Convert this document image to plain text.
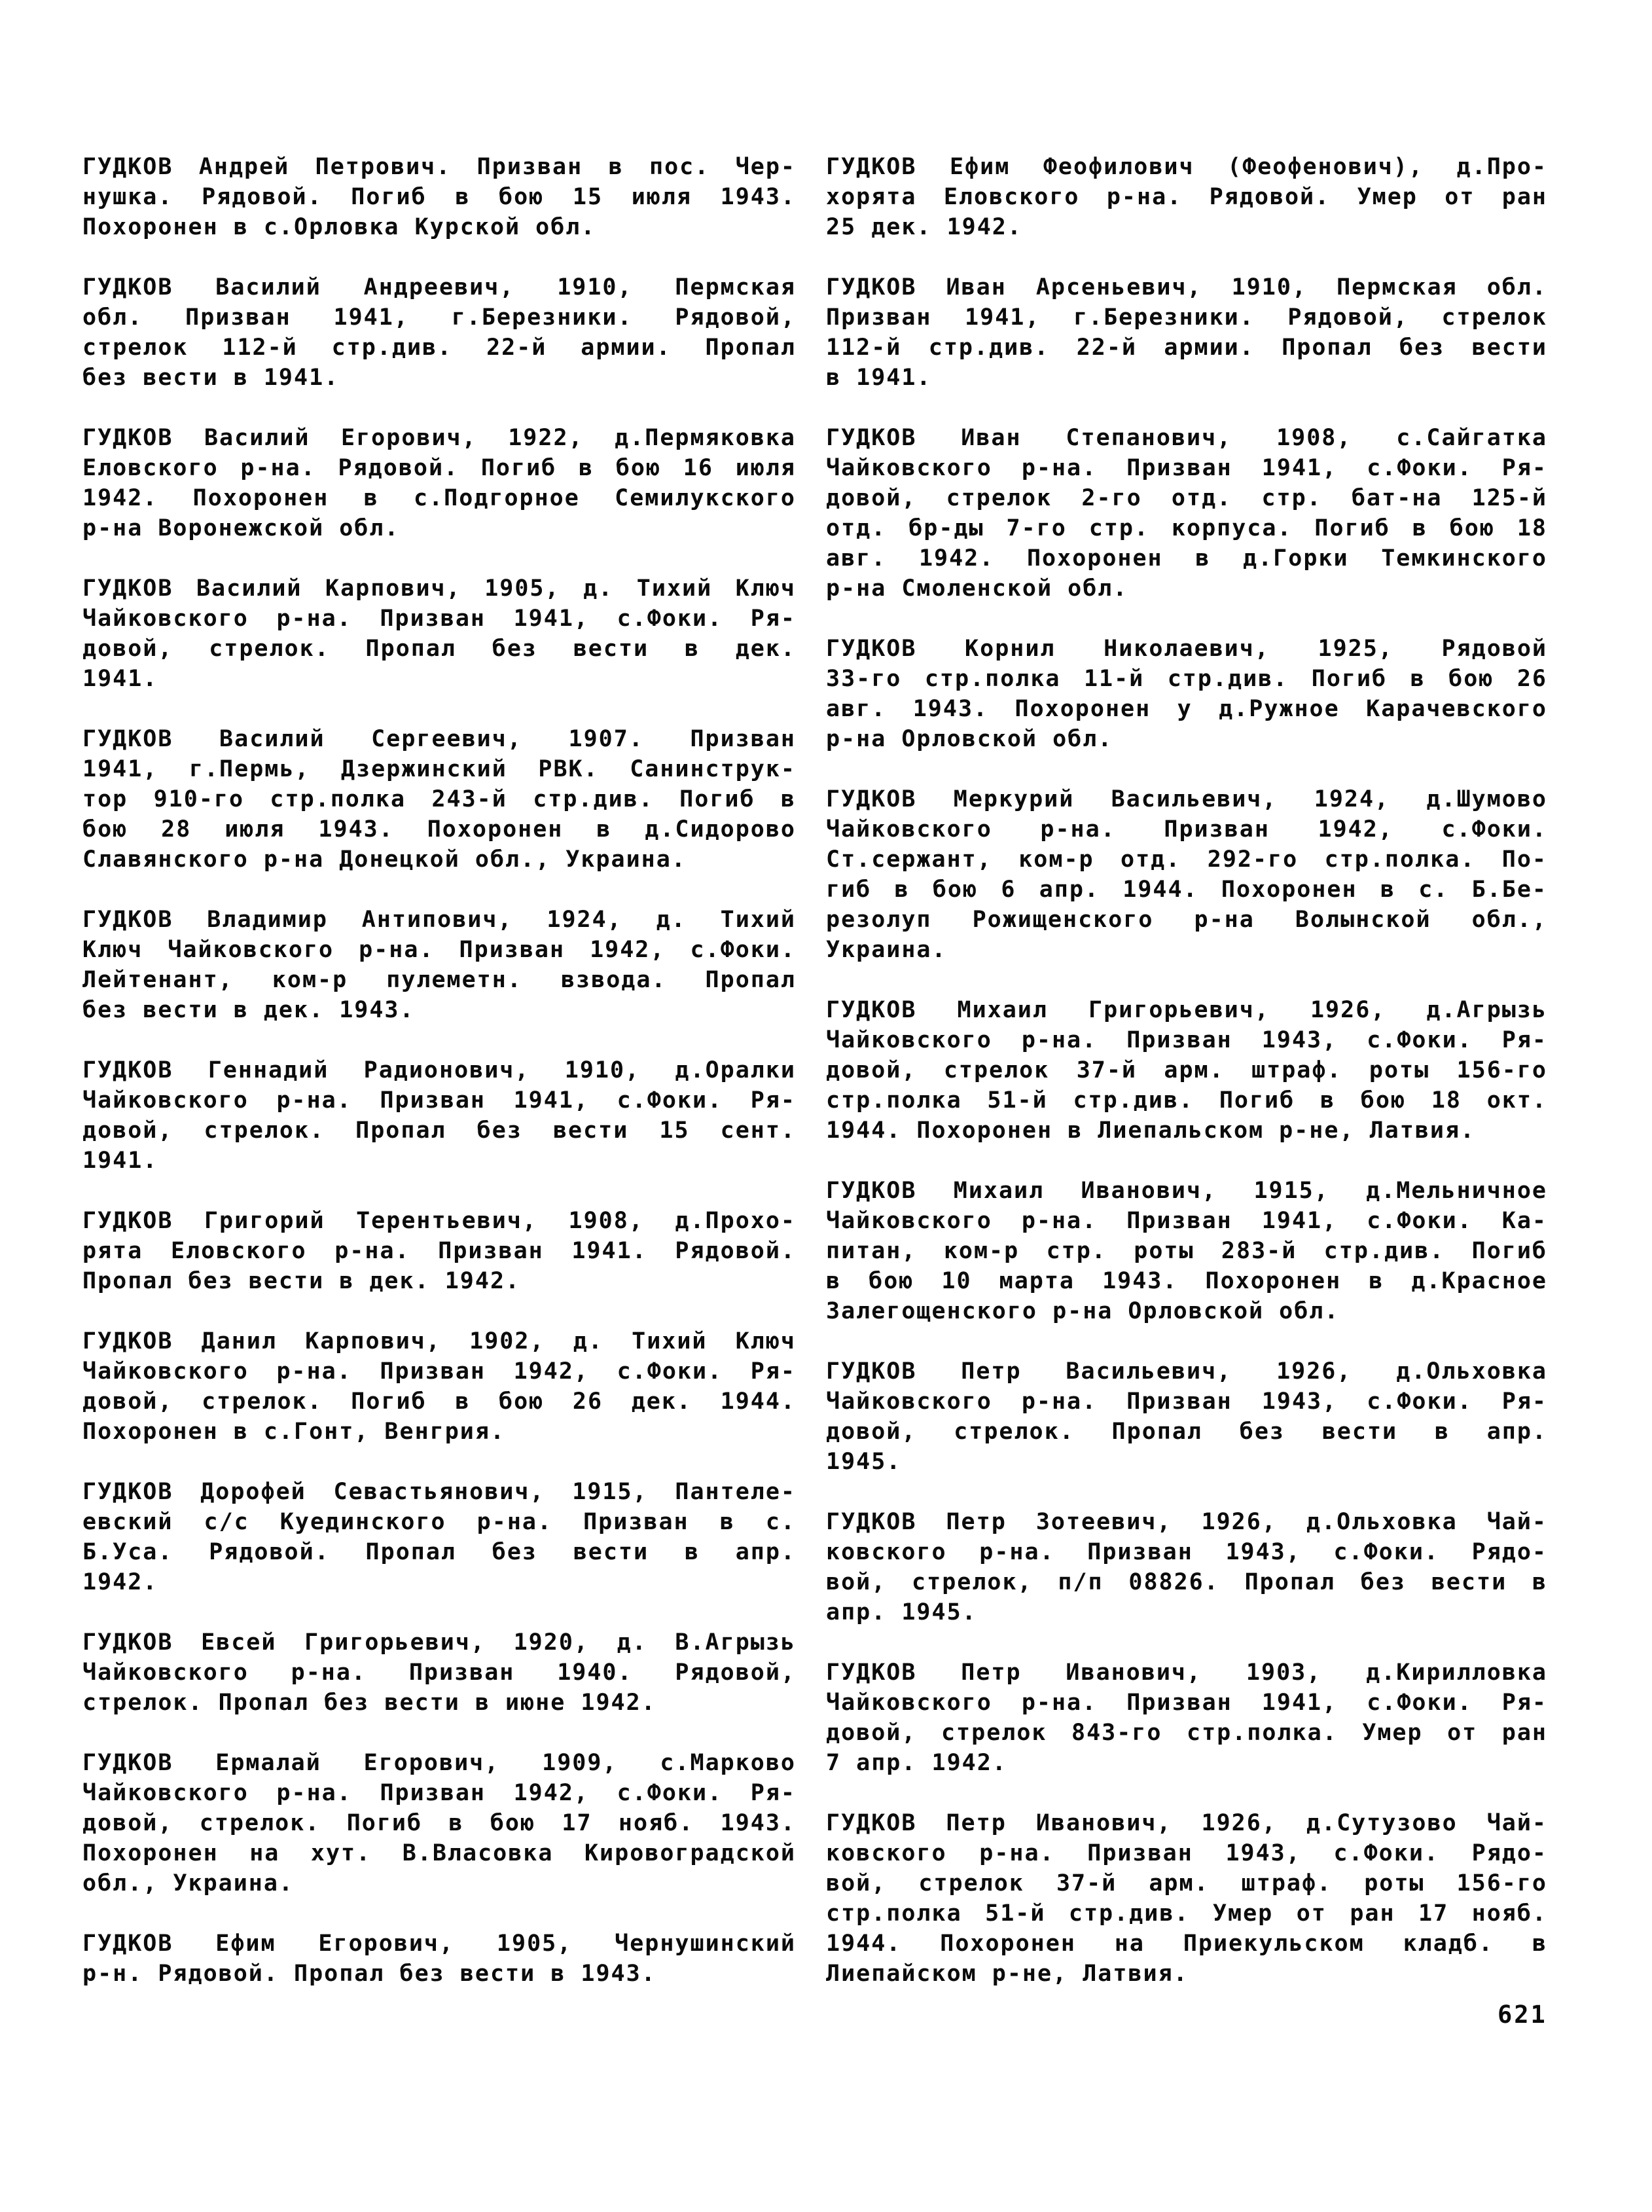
ГУДКОВ Андрей Петрович. Призван в пос. Чер-
нушка. Рядовой. Погиб в бою 15 июля 1943.
Похоронен в с.Орловка Курской обл.
ГУДКОВ Василий Андреевич, 1910, Пермская
обл. Призван 1941, г.Березники. Рядовой,
стрелок 112-й стр.див. 22-й армии. Пропал
без вести в 1941.
ГУДКОВ Василий Егорович, 1922, д.Пермяковка
Еловского р-на. Рядовой. Погиб в бою 16 июля
1942. Похоронен в с.Подгорное Семилукского
р-на Воронежской обл.
ГУДКОВ Василий Карпович, 1905, д. Тихий Ключ
Чайковского р-на. Призван 1941, с.Фоки. Ря-
довой, стрелок. Пропал без вести в дек.
1941.
ГУДКОВ Василий Сергеевич, 1907. Призван
1941, г.Пермь, Дзержинский РВК. Санинструк-
тор 910-го стр.полка 243-й стр.див. Погиб в
бою 28 июля 1943. Похоронен в д.Сидорово
Славянского р-на Донецкой обл., Украина.
ГУДКОВ Владимир Антипович, 1924, д. Тихий
Ключ Чайковского р-на. Призван 1942, с.Фоки.
Лейтенант, ком-р пулеметн. взвода. Пропал
без вести в дек. 1943.
ГУДКОВ Геннадий Радионович, 1910, д.Оралки
Чайковского р-на. Призван 1941, с.Фоки. Ря-
довой, стрелок. Пропал без вести 15 сент.
1941.
ГУДКОВ Григорий Терентьевич, 1908, д.Прохо-
рята Еловского р-на. Призван 1941. Рядовой.
Пропал без вести в дек. 1942.
ГУДКОВ Данил Карпович, 1902, д. Тихий Ключ
Чайковского р-на. Призван 1942, с.Фоки. Ря-
довой, стрелок. Погиб в бою 26 дек. 1944.
Похоронен в с.Гонт, Венгрия.
ГУДКОВ Дорофей Севастьянович, 1915, Пантеле-
евский с/с Куединского р-на. Призван в с.
Б.Уса. Рядовой. Пропал без вести в апр.
1942.
ГУДКОВ Евсей Григорьевич, 1920, д. В.Агрызь
Чайковского р-на. Призван 1940. Рядовой,
стрелок. Пропал без вести в июне 1942.
ГУДКОВ Ермалай Егорович, 1909, с.Марково
Чайковского р-на. Призван 1942, с.Фоки. Ря-
довой, стрелок. Погиб в бою 17 нояб. 1943.
Похоронен на хут. В.Власовка Кировоградской
обл., Украина.
ГУДКОВ Ефим Егорович, 1905, Чернушинский
р-н. Рядовой. Пропал без вести в 1943.
ГУДКОВ Ефим Феофилович (Феофенович), д.Про-
хорята Еловского р-на. Рядовой. Умер от ран
25 дек. 1942.
ГУДКОВ Иван Арсеньевич, 1910, Пермская обл.
Призван 1941, г.Березники. Рядовой, стрелок
112-й стр.див. 22-й армии. Пропал без вести
в 1941.
ГУДКОВ Иван Степанович, 1908, с.Сайгатка
Чайковского р-на. Призван 1941, с.Фоки. Ря-
довой, стрелок 2-го отд. стр. бат-на 125-й
отд. бр-ды 7-го стр. корпуса. Погиб в бою 18
авг. 1942. Похоронен в д.Горки Темкинского
р-на Смоленской обл.
ГУДКОВ Корнил Николаевич, 1925, Рядовой
33-го стр.полка 11-й стр.див. Погиб в бою 26
авг. 1943. Похоронен у д.Ружное Карачевского
р-на Орловской обл.
ГУДКОВ Меркурий Васильевич, 1924, д.Шумово
Чайковского р-на. Призван 1942, с.Фоки.
Ст.сержант, ком-р отд. 292-го стр.полка. По-
гиб в бою 6 апр. 1944. Похоронен в с. Б.Бе-
резолуп Рожищенского р-на Волынской обл.,
Украина.
ГУДКОВ Михаил Григорьевич, 1926, д.Агрызь
Чайковского р-на. Призван 1943, с.Фоки. Ря-
довой, стрелок 37-й арм. штраф. роты 156-го
стр.полка 51-й стр.див. Погиб в бою 18 окт.
1944. Похоронен в Лиепальском р-не, Латвия.
ГУДКОВ Михаил Иванович, 1915, д.Мельничное
Чайковского р-на. Призван 1941, с.Фоки. Ка-
питан, ком-р стр. роты 283-й стр.див. Погиб
в бою 10 марта 1943. Похоронен в д.Красное
Залегощенского р-на Орловской обл.
ГУДКОВ Петр Васильевич, 1926, д.Ольховка
Чайковского р-на. Призван 1943, с.Фоки. Ря-
довой, стрелок. Пропал без вести в апр.
1945.
ГУДКОВ Петр Зотеевич, 1926, д.Ольховка Чай-
ковского р-на. Призван 1943, с.Фоки. Рядо-
вой, стрелок, п/п 08826. Пропал без вести в
апр. 1945.
ГУДКОВ Петр Иванович, 1903, д.Кирилловка
Чайковского р-на. Призван 1941, с.Фоки. Ря-
довой, стрелок 843-го стр.полка. Умер от ран
7 апр. 1942.
ГУДКОВ Петр Иванович, 1926, д.Сутузово Чай-
ковского р-на. Призван 1943, с.Фоки. Рядо-
вой, стрелок 37-й арм. штраф. роты 156-го
стр.полка 51-й стр.див. Умер от ран 17 нояб.
1944. Похоронен на Приекульском кладб. в
Лиепайском р-не, Латвия.
621
